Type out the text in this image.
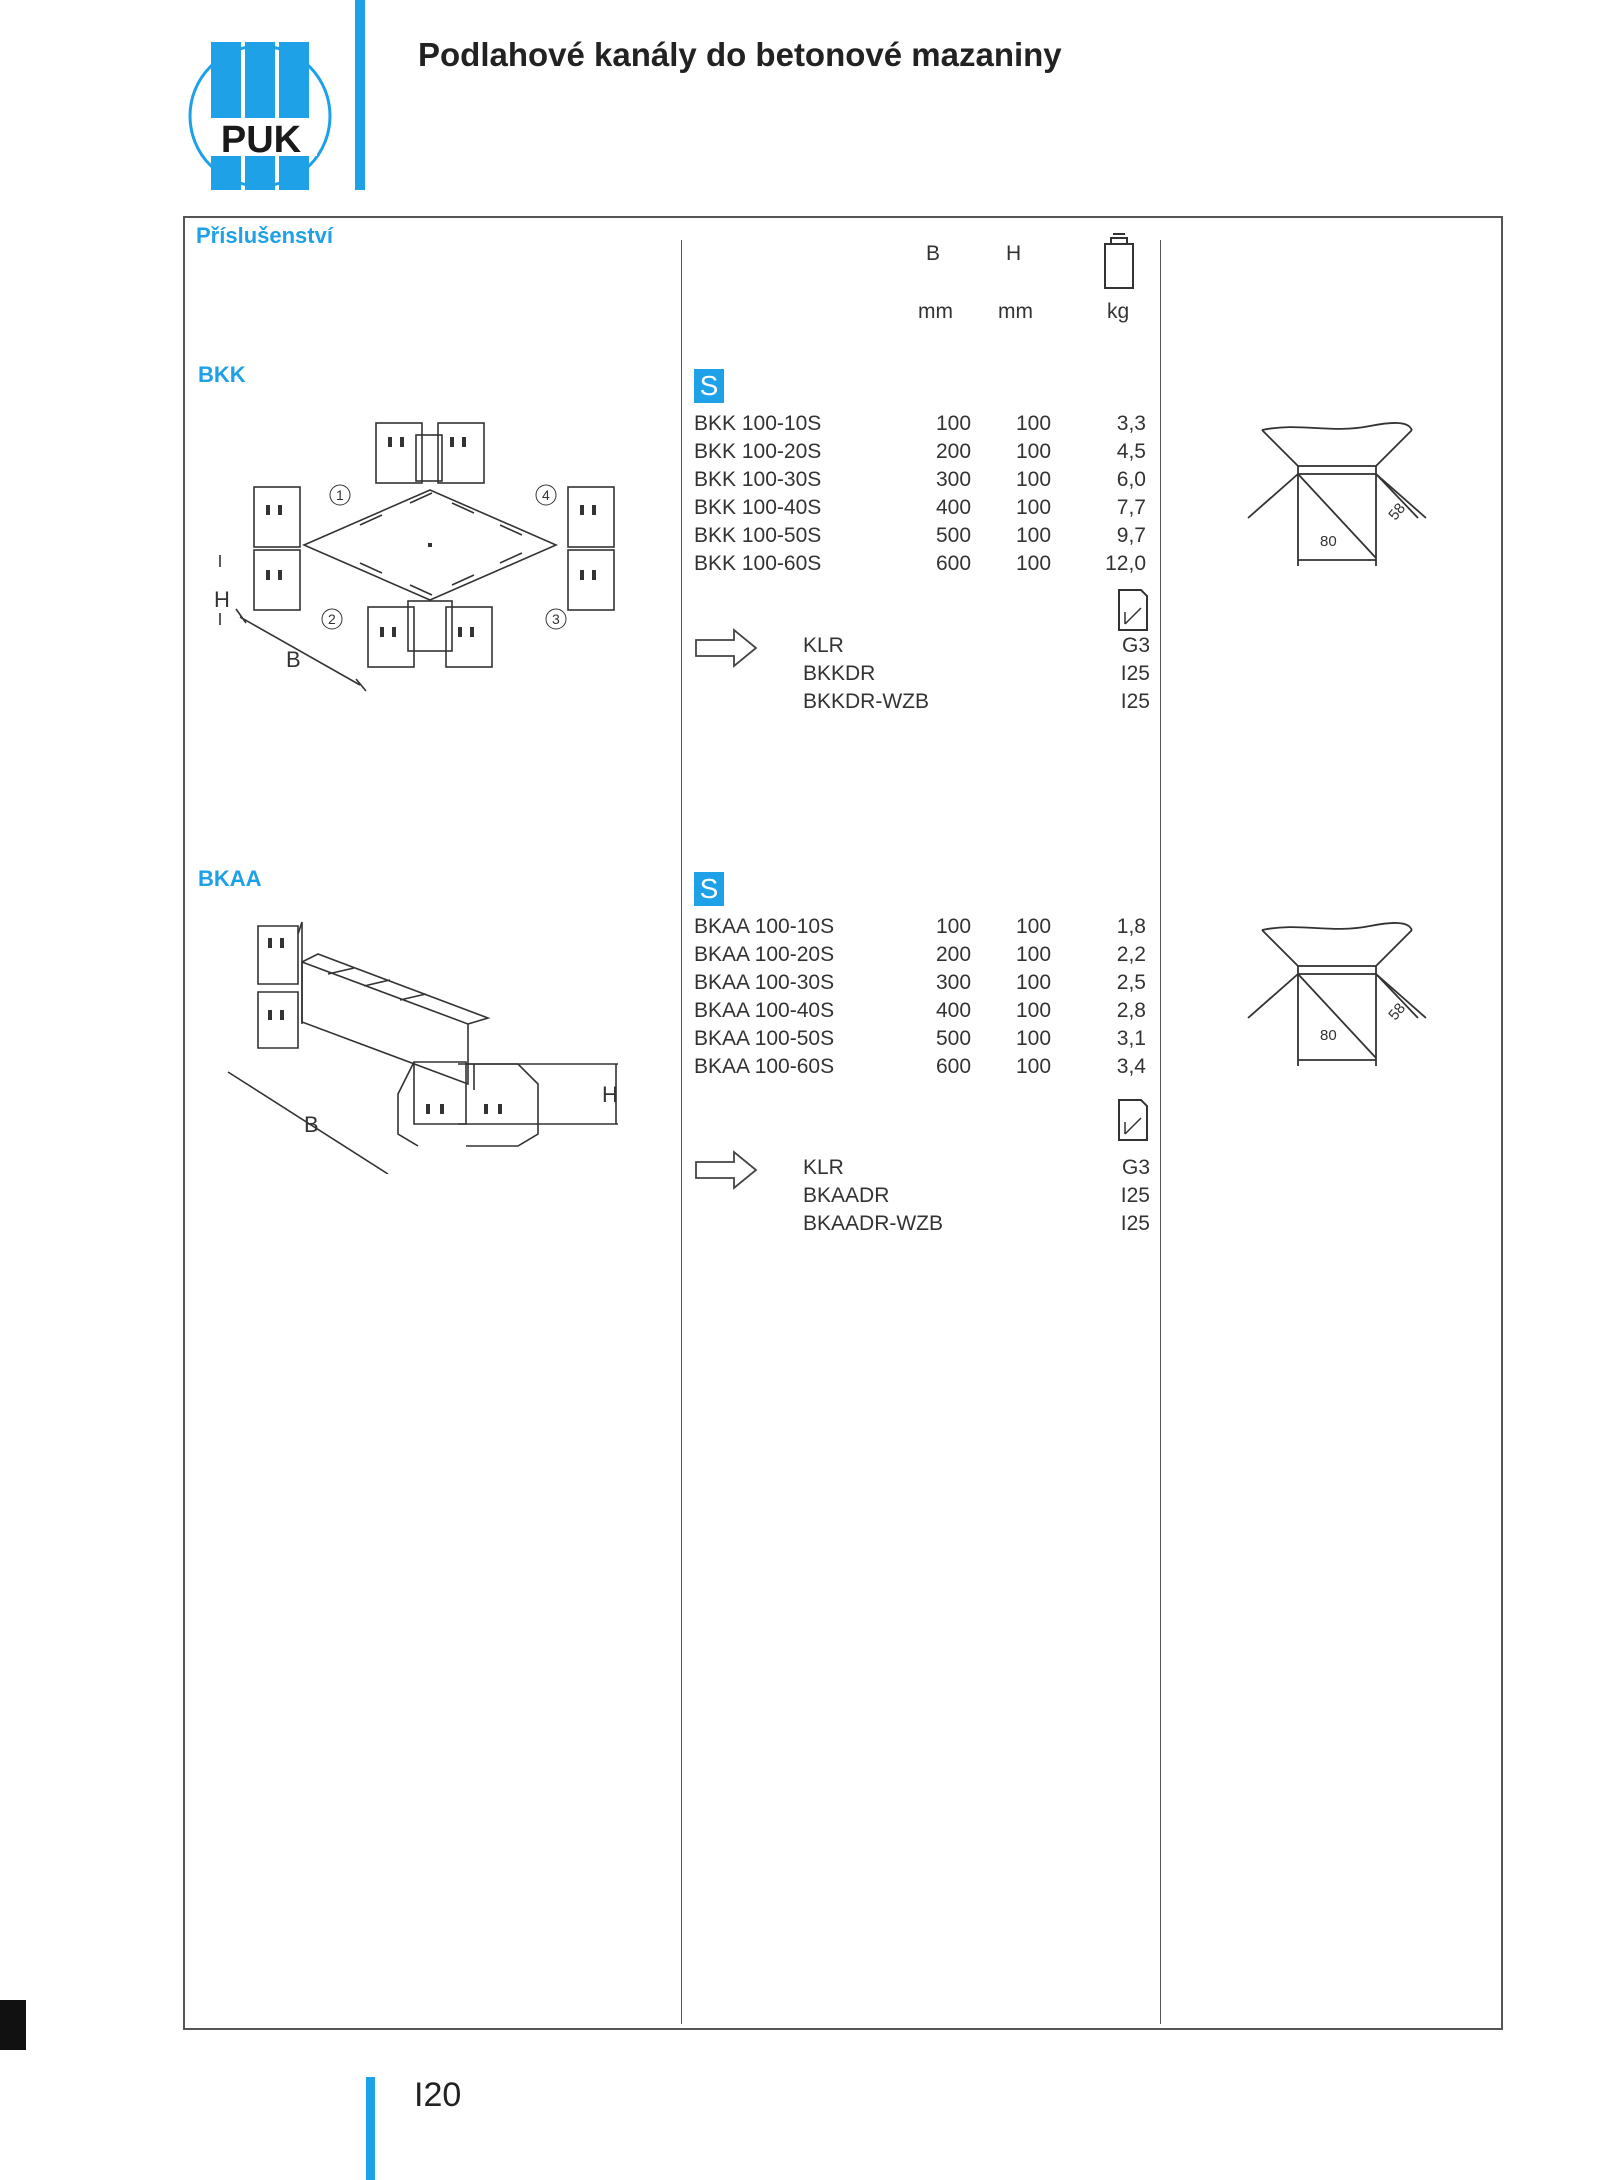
PUK
Podlahové kanály do betonové mazaniny
Příslušenství
B	H
mm mm	kg
BKK
H
B
1
2	3
4
S
BKK 100-10S	100 100	3,3
BKK 100-20S	200 100	4,5
BKK 100-30S	300 100	6,0
BKK 100-40S	400 100	7,7
BKK 100-50S	500 100	9,7
BKK 100-60S	600 100	12,0
KLR	G3
BKKDR	I25
BKKDR-WZB	I25
80
58
BKAA
H
B
S
BKAA 100-10S	100 100	1,8
BKAA 100-20S	200 100	2,2
BKAA 100-30S	300 100	2,5
BKAA 100-40S	400 100	2,8
BKAA 100-50S	500 100	3,1
BKAA 100-60S	600 100	3,4
KLR	G3
BKAADR	I25
BKAADR-WZB	I25
80
58
I20
